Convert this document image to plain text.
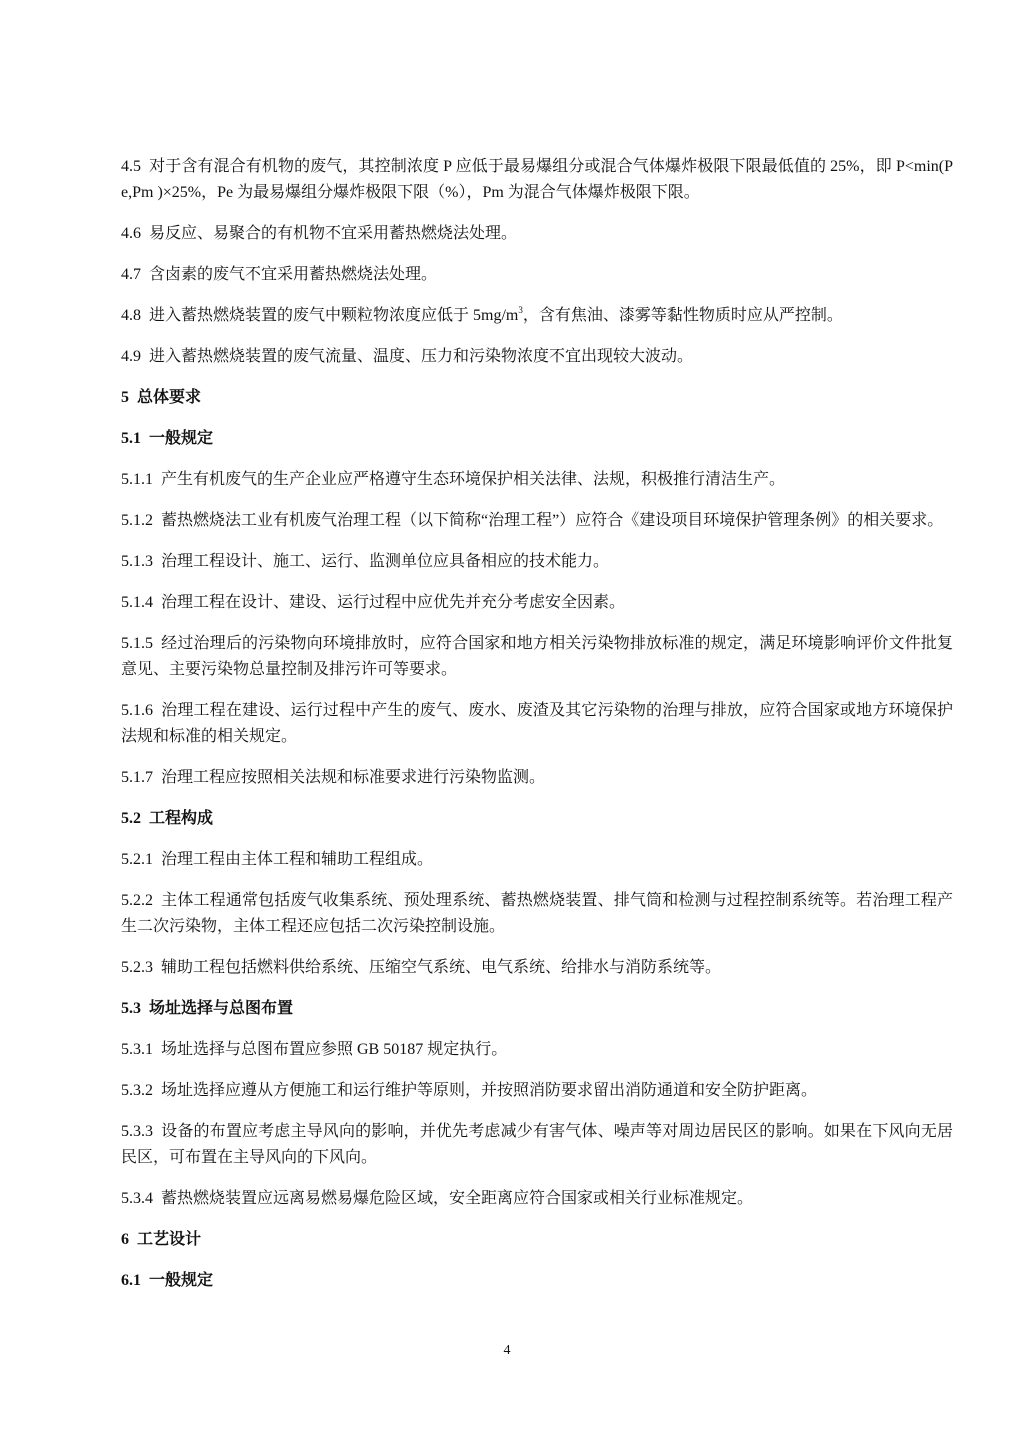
4.5 对于含有混合有机物的废气，其控制浓度 P 应低于最易爆组分或混合气体爆炸极限下限最低值的 25%，即 P<min(Pe,Pm )×25%，Pe 为最易爆组分爆炸极限下限（%），Pm 为混合气体爆炸极限下限。

4.6 易反应、易聚合的有机物不宜采用蓄热燃烧法处理。

4.7 含卤素的废气不宜采用蓄热燃烧法处理。

4.8 进入蓄热燃烧装置的废气中颗粒物浓度应低于 $5mg/m^3$，含有焦油、漆雾等黏性物质时应从严控制。

4.9 进入蓄热燃烧装置的废气流量、温度、压力和污染物浓度不宜出现较大波动。

5 总体要求

5.1 一般规定

5.1.1 产生有机废气的生产企业应严格遵守生态环境保护相关法律、法规，积极推行清洁生产。

5.1.2 蓄热燃烧法工业有机废气治理工程（以下简称“治理工程”）应符合《建设项目环境保护管理条例》的相关要求。

5.1.3 治理工程设计、施工、运行、监测单位应具备相应的技术能力。

5.1.4 治理工程在设计、建设、运行过程中应优先并充分考虑安全因素。

5.1.5 经过治理后的污染物向环境排放时，应符合国家和地方相关污染物排放标准的规定，满足环境影响评价文件批复意见、主要污染物总量控制及排污许可等要求。

5.1.6 治理工程在建设、运行过程中产生的废气、废水、废渣及其它污染物的治理与排放，应符合国家或地方环境保护法规和标准的相关规定。

5.1.7 治理工程应按照相关法规和标准要求进行污染物监测。

5.2 工程构成

5.2.1 治理工程由主体工程和辅助工程组成。

5.2.2 主体工程通常包括废气收集系统、预处理系统、蓄热燃烧装置、排气筒和检测与过程控制系统等。若治理工程产生二次污染物，主体工程还应包括二次污染控制设施。

5.2.3 辅助工程包括燃料供给系统、压缩空气系统、电气系统、给排水与消防系统等。

5.3 场址选择与总图布置

5.3.1 场址选择与总图布置应参照 GB 50187 规定执行。

5.3.2 场址选择应遵从方便施工和运行维护等原则，并按照消防要求留出消防通道和安全防护距离。

5.3.3 设备的布置应考虑主导风向的影响，并优先考虑减少有害气体、噪声等对周边居民区的影响。如果在下风向无居民区，可布置在主导风向的下风向。

5.3.4 蓄热燃烧装置应远离易燃易爆危险区域，安全距离应符合国家或相关行业标准规定。

6 工艺设计

6.1 一般规定

4
